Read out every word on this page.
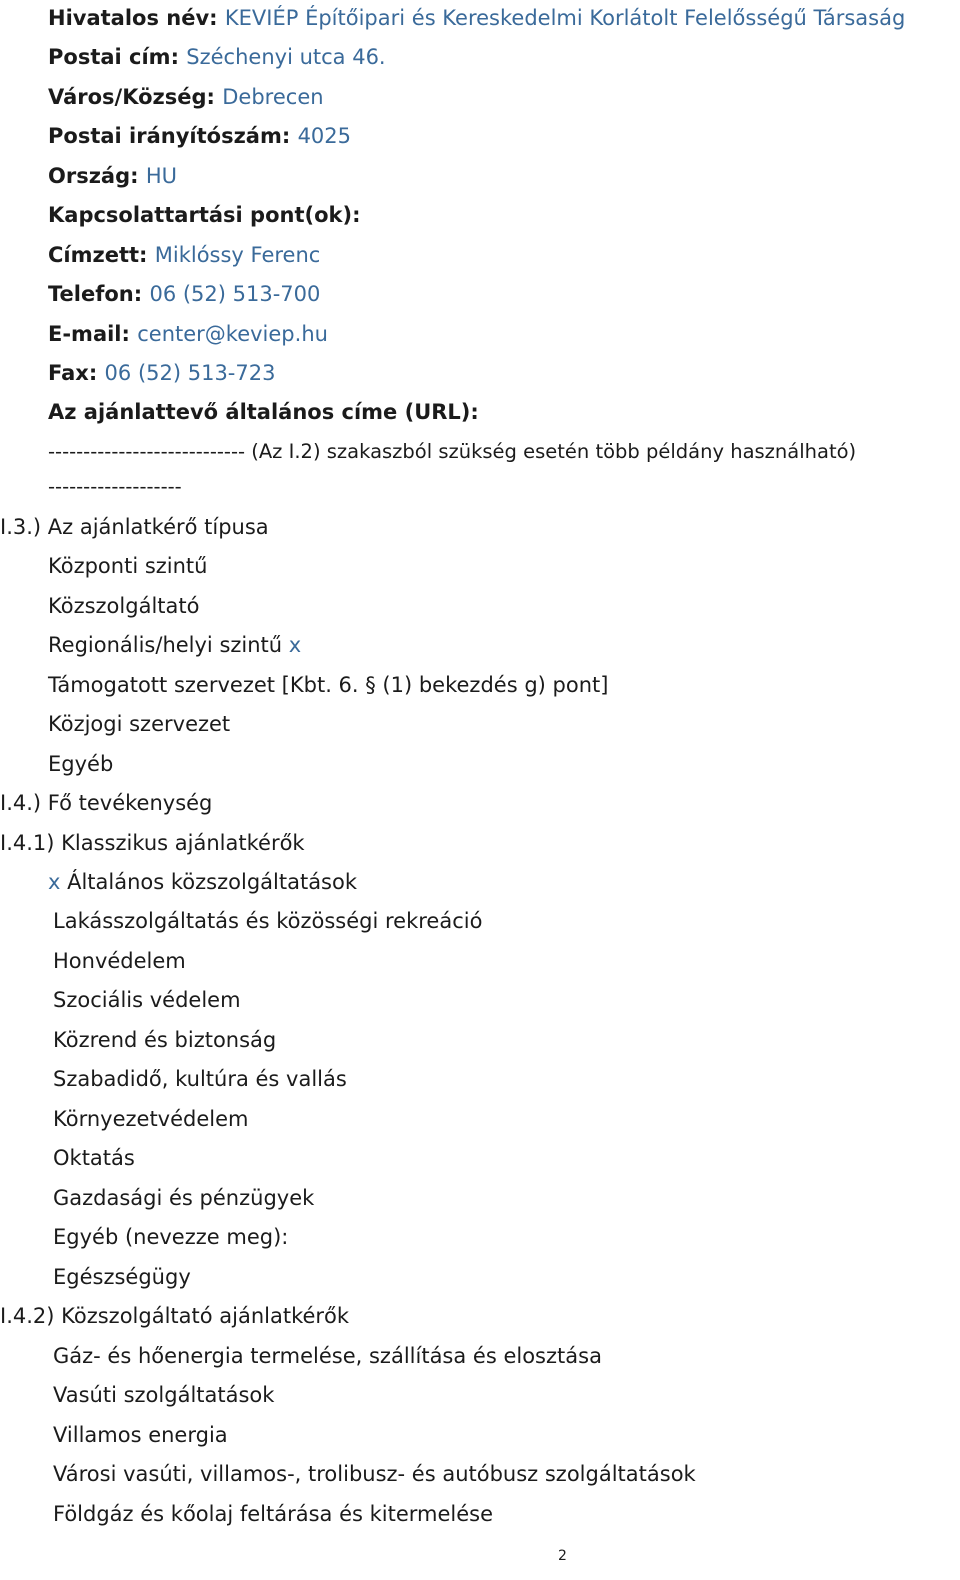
Hivatalos név: KEVIÉP Építőipari és Kereskedelmi Korlátolt Felelősségű Társaság
Postai cím: Széchenyi utca 46.
Város/Község: Debrecen
Postai irányítószám: 4025
Ország: HU
Kapcsolattartási pont(ok):
Címzett: Miklóssy Ferenc
Telefon: 06 (52) 513-700
E-mail: center@keviep.hu
Fax: 06 (52) 513-723
Az ajánlattevő általános címe (URL):
---------------------------- (Az I.2) szakaszból szükség esetén több példány használható)
-------------------
I.3.) Az ajánlatkérő típusa
Központi szintű
Közszolgáltató
Regionális/helyi szintű x
Támogatott szervezet [Kbt. 6. § (1) bekezdés g) pont]
Közjogi szervezet
Egyéb
I.4.) Fő tevékenység
I.4.1) Klasszikus ajánlatkérők
x Általános közszolgáltatások
Lakásszolgáltatás és közösségi rekreáció
Honvédelem
Szociális védelem
Közrend és biztonság
Szabadidő, kultúra és vallás
Környezetvédelem
Oktatás
Gazdasági és pénzügyek
Egyéb (nevezze meg):
Egészségügy
I.4.2) Közszolgáltató ajánlatkérők
Gáz- és hőenergia termelése, szállítása és elosztása
Vasúti szolgáltatások
Villamos energia
Városi vasúti, villamos-, trolibusz- és autóbusz szolgáltatások
Földgáz és kőolaj feltárása és kitermelése
2
